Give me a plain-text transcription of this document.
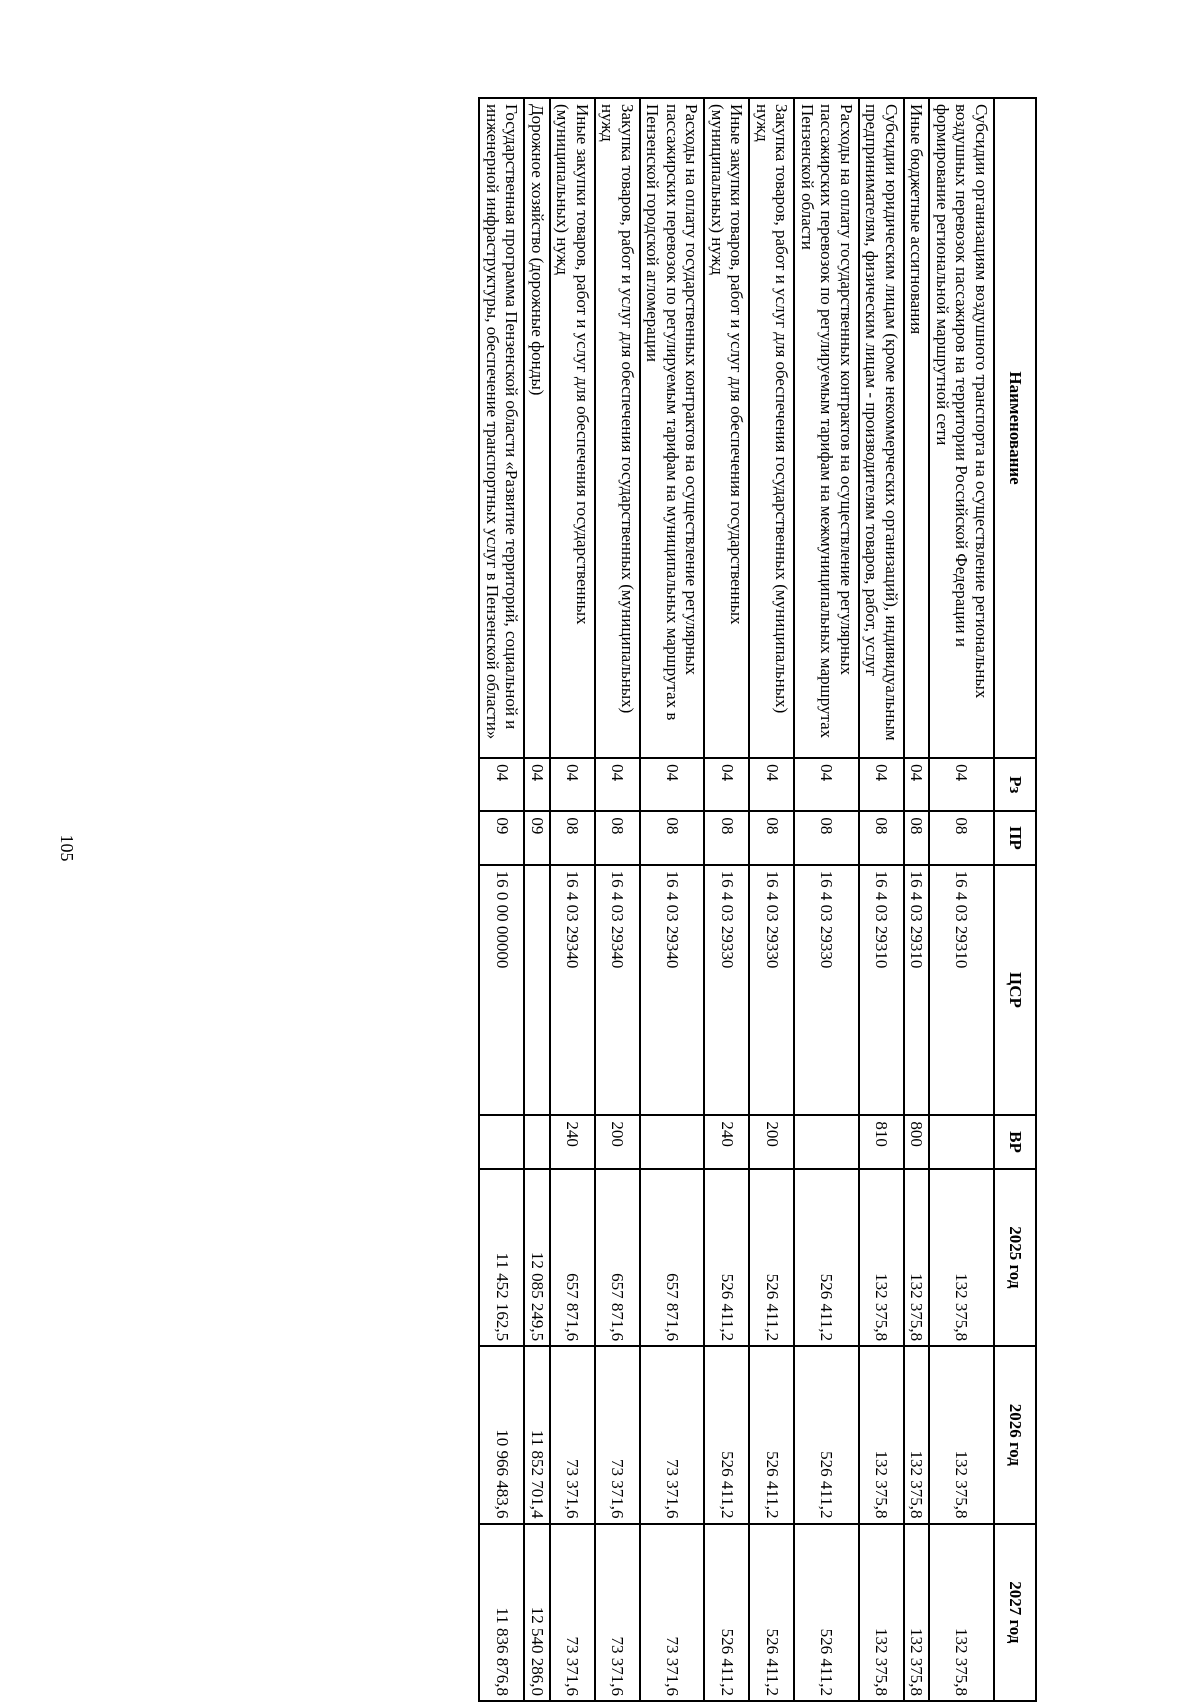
105
Наименование	Рз	ПР	ЦСР	ВР	2025 год	2026 год	2027 год
Субсидии организациям воздушного транспорта на осуществление региональных воздушных перевозок пассажиров на территории Российской Федерации и формирование региональной маршрутной сети	04	08	16 4 03 29310		132 375,8	132 375,8	132 375,8
Иные бюджетные ассигнования	04	08	16 4 03 29310	800	132 375,8	132 375,8	132 375,8
Субсидии юридическим лицам (кроме некоммерческих организаций), индивидуальным предпринимателям, физическим лицам - производителям товаров, работ, услуг	04	08	16 4 03 29310	810	132 375,8	132 375,8	132 375,8
Расходы на оплату государственных контрактов на осуществление регулярных пассажирских перевозок по регулируемым тарифам на межмуниципальных маршрутах Пензенской области	04	08	16 4 03 29330		526 411,2	526 411,2	526 411,2
Закупка товаров, работ и услуг для обеспечения государственных (муниципальных) нужд	04	08	16 4 03 29330	200	526 411,2	526 411,2	526 411,2
Иные закупки товаров, работ и услуг для обеспечения государственных (муниципальных) нужд	04	08	16 4 03 29330	240	526 411,2	526 411,2	526 411,2
Расходы на оплату государственных контрактов на осуществление регулярных пассажирских перевозок по регулируемым тарифам на муниципальных маршрутах в Пензенской городской агломерации	04	08	16 4 03 29340		657 871,6	73 371,6	73 371,6
Закупка товаров, работ и услуг для обеспечения государственных (муниципальных) нужд	04	08	16 4 03 29340	200	657 871,6	73 371,6	73 371,6
Иные закупки товаров, работ и услуг для обеспечения государственных (муниципальных) нужд	04	08	16 4 03 29340	240	657 871,6	73 371,6	73 371,6
Дорожное хозяйство (дорожные фонды)	04	09			12 085 249,5	11 852 701,4	12 540 286,0
Государственная программа Пензенской области «Развитие территорий, социальной и инженерной инфраструктуры, обеспечение транспортных услуг в Пензенской области»	04	09	16 0 00 00000		11 452 162,5	10 966 483,6	11 836 876,8
